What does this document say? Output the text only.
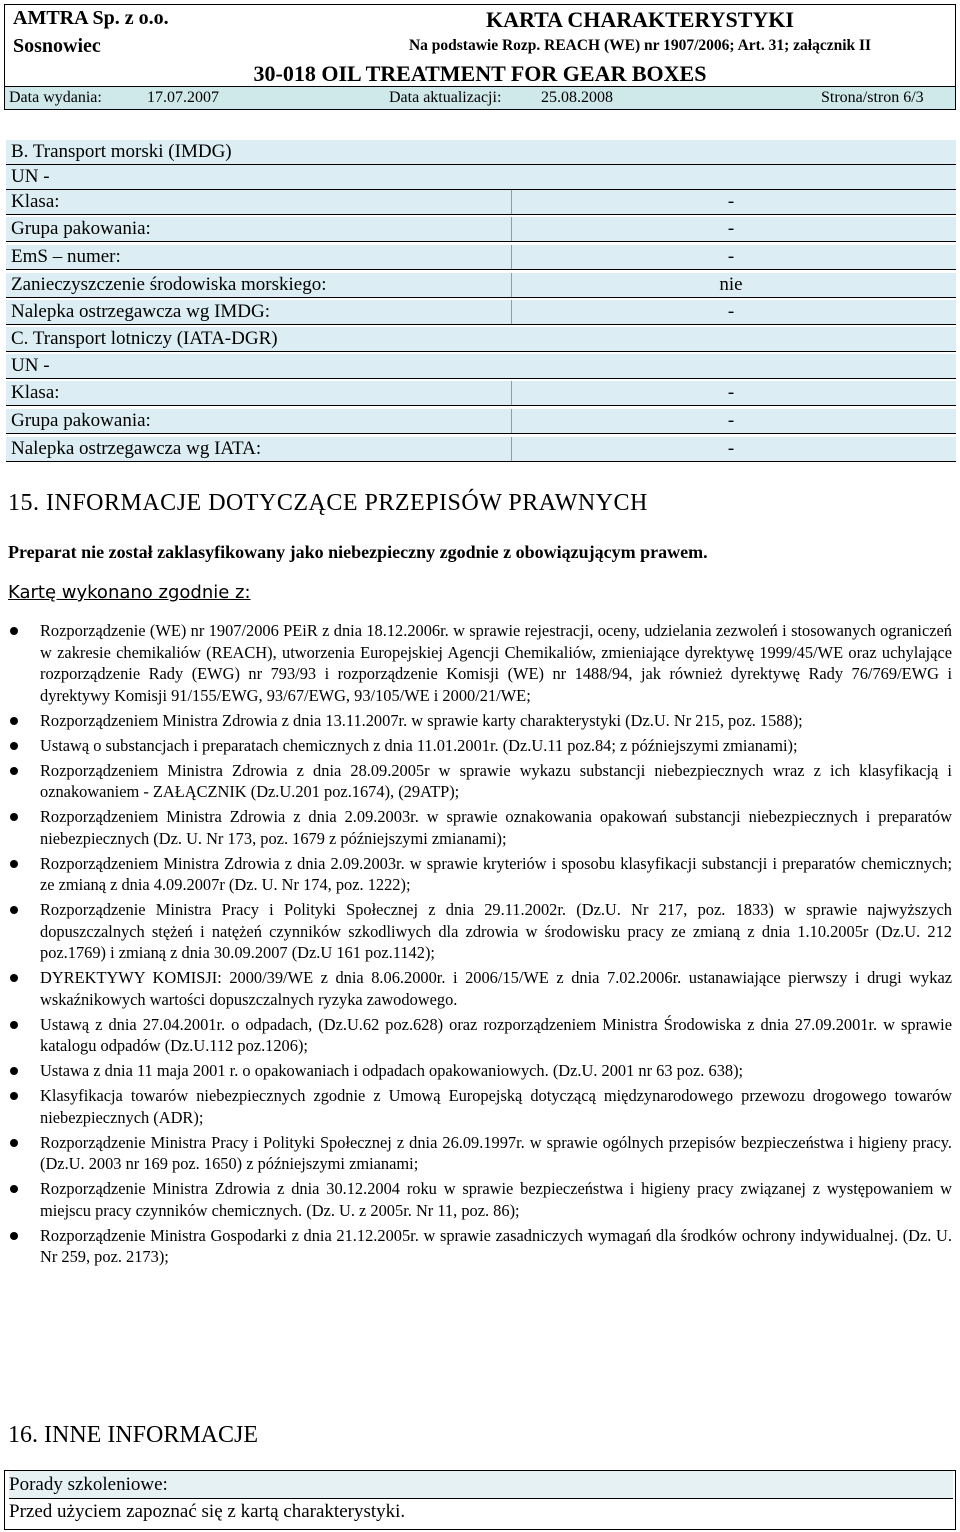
AMTRA Sp. z o.o.
Sosnowiec
KARTA CHARAKTERYSTYKI
Na podstawie Rozp. REACH (WE) nr 1907/2006; Art. 31; załącznik II
30-018 OIL TREATMENT FOR GEAR BOXES
Data wydania:	17.07.2007	Data aktualizacji: 25.08.2008	Strona/stron 6/3
B. Transport morski (IMDG)
UN -
Klasa:	-
Grupa pakowania:	-
EmS – numer:	-
Zanieczyszczenie środowiska morskiego:	nie
Nalepka ostrzegawcza wg IMDG:	-
C. Transport lotniczy (IATA-DGR)
UN -
Klasa:	-
Grupa pakowania:	-
Nalepka ostrzegawcza wg IATA:	-
15. INFORMACJE DOTYCZĄCE PRZEPISÓW PRAWNYCH
Preparat nie został zaklasyfikowany jako niebezpieczny zgodnie z obowiązującym prawem.
Kartę wykonano zgodnie z:
Rozporządzenie (WE) nr 1907/2006 PEiR z dnia 18.12.2006r. w sprawie rejestracji, oceny, udzielania zezwoleń i stosowanych ograniczeń w zakresie chemikaliów (REACH), utworzenia Europejskiej Agencji Chemikaliów, zmieniające dyrektywę 1999/45/WE oraz uchylające rozporządzenie Rady (EWG) nr 793/93 i rozporządzenie Komisji (WE) nr 1488/94, jak również dyrektywę Rady 76/769/EWG i dyrektywy Komisji 91/155/EWG, 93/67/EWG, 93/105/WE i 2000/21/WE;
Rozporządzeniem Ministra Zdrowia z dnia 13.11.2007r. w sprawie karty charakterystyki (Dz.U. Nr 215, poz. 1588);
Ustawą o substancjach i preparatach chemicznych z dnia 11.01.2001r. (Dz.U.11 poz.84; z późniejszymi zmianami);
Rozporządzeniem Ministra Zdrowia z dnia 28.09.2005r w sprawie wykazu substancji niebezpiecznych wraz z ich klasyfikacją i oznakowaniem - ZAŁĄCZNIK (Dz.U.201 poz.1674), (29ATP);
Rozporządzeniem Ministra Zdrowia z dnia 2.09.2003r. w sprawie oznakowania opakowań substancji niebezpiecznych i preparatów niebezpiecznych (Dz. U. Nr 173, poz. 1679 z późniejszymi zmianami);
Rozporządzeniem Ministra Zdrowia z dnia 2.09.2003r. w sprawie kryteriów i sposobu klasyfikacji substancji i preparatów chemicznych; ze zmianą z dnia 4.09.2007r (Dz. U. Nr 174, poz. 1222);
Rozporządzenie Ministra Pracy i Polityki Społecznej z dnia 29.11.2002r. (Dz.U. Nr 217, poz. 1833) w sprawie najwyższych dopuszczalnych stężeń i natężeń czynników szkodliwych dla zdrowia w środowisku pracy ze zmianą z dnia 1.10.2005r (Dz.U. 212 poz.1769) i zmianą z dnia 30.09.2007 (Dz.U 161 poz.1142);
DYREKTYWY KOMISJI: 2000/39/WE z dnia 8.06.2000r. i 2006/15/WE z dnia 7.02.2006r. ustanawiające pierwszy i drugi wykaz wskaźnikowych wartości dopuszczalnych ryzyka zawodowego.
Ustawą z dnia 27.04.2001r. o odpadach, (Dz.U.62 poz.628) oraz rozporządzeniem Ministra Środowiska z dnia 27.09.2001r. w sprawie katalogu odpadów (Dz.U.112 poz.1206);
Ustawa z dnia 11 maja 2001 r. o opakowaniach i odpadach opakowaniowych. (Dz.U. 2001 nr 63 poz. 638);
Klasyfikacja towarów niebezpiecznych zgodnie z Umową Europejską dotyczącą międzynarodowego przewozu drogowego towarów niebezpiecznych (ADR);
Rozporządzenie Ministra Pracy i Polityki Społecznej z dnia 26.09.1997r. w sprawie ogólnych przepisów bezpieczeństwa i higieny pracy. (Dz.U. 2003 nr 169 poz. 1650) z późniejszymi zmianami;
Rozporządzenie Ministra Zdrowia z dnia 30.12.2004 roku w sprawie bezpieczeństwa i higieny pracy związanej z występowaniem w miejscu pracy czynników chemicznych. (Dz. U. z 2005r. Nr 11, poz. 86);
Rozporządzenie Ministra Gospodarki z dnia 21.12.2005r. w sprawie zasadniczych wymagań dla środków ochrony indywidualnej. (Dz. U. Nr 259, poz. 2173);
16. INNE INFORMACJE
Porady szkoleniowe:
Przed użyciem zapoznać się z kartą charakterystyki.
